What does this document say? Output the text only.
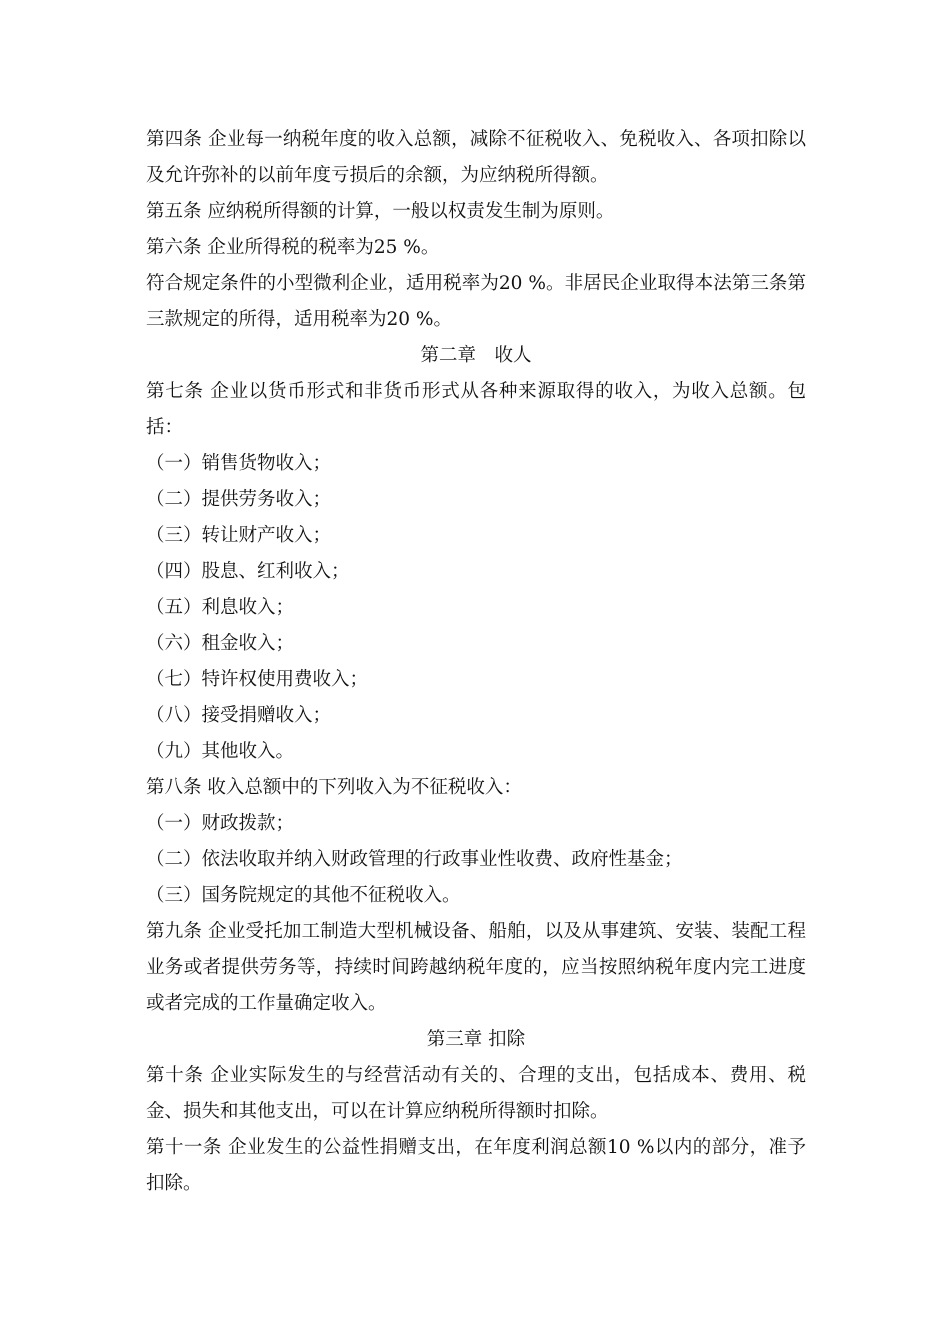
第四条 企业每一纳税年度的收入总额，减除不征税收入、免税收入、各项扣除以及允许弥补的以前年度亏损后的余额，为应纳税所得额。
第五条 应纳税所得额的计算，一般以权责发生制为原则。
第六条 企业所得税的税率为25 %。
符合规定条件的小型微利企业，适用税率为20 %。非居民企业取得本法第三条第三款规定的所得，适用税率为20 %。
第二章　收人
第七条 企业以货币形式和非货币形式从各种来源取得的收入，为收入总额。包括：
（一）销售货物收入；
（二）提供劳务收入；
（三）转让财产收入；
（四）股息、红利收入；
（五）利息收入；
（六）租金收入；
（七）特许权使用费收入；
（八）接受捐赠收入；
（九）其他收入。
第八条 收入总额中的下列收入为不征税收入：
（一）财政拨款；
（二）依法收取并纳入财政管理的行政事业性收费、政府性基金；
（三）国务院规定的其他不征税收入。
第九条 企业受托加工制造大型机械设备、船舶，以及从事建筑、安装、装配工程业务或者提供劳务等，持续时间跨越纳税年度的，应当按照纳税年度内完工进度或者完成的工作量确定收入。
第三章 扣除
第十条 企业实际发生的与经营活动有关的、合理的支出，包括成本、费用、税金、损失和其他支出，可以在计算应纳税所得额时扣除。
第十一条 企业发生的公益性捐赠支出，在年度利润总额10 %以内的部分，准予扣除。
